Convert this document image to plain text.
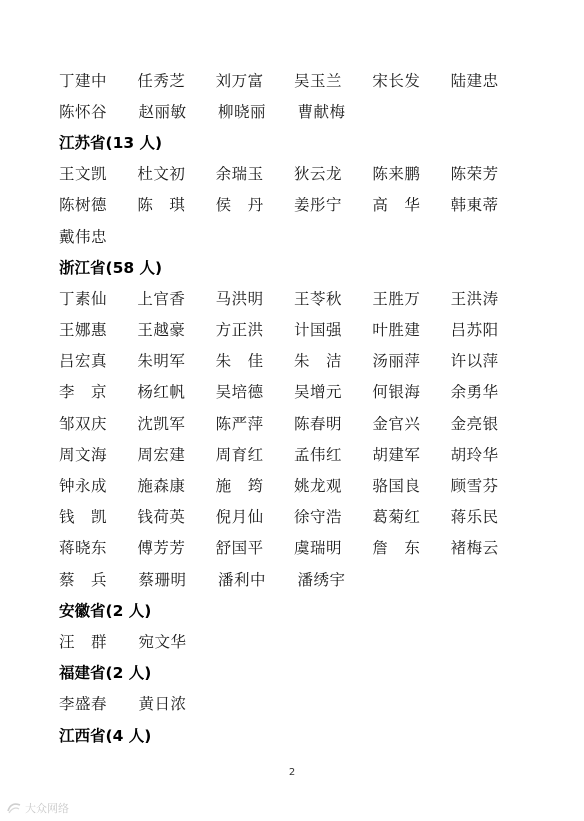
丁建中	任秀芝	刘万富	吴玉兰	宋长发	陆建忠
陈怀谷	赵丽敏	柳晓丽	曹献梅
江苏省(13 人)
王文凯	杜文初	余瑞玉	狄云龙	陈来鹏	陈荣芳
陈树德	陈　琪	侯　丹	姜彤宁	高　华	韩東蒂
戴伟忠
浙江省(58 人)
丁素仙	上官香	马洪明	王苓秋	王胜万	王洪涛
王娜惠	王越豪	方正洪	计国强	叶胜建	吕苏阳
吕宏真	朱明军	朱　佳	朱　洁	汤丽萍	许以萍
李　京	杨红帆	吴培德	吴增元	何银海	余勇华
邹双庆	沈凯军	陈严萍	陈春明	金官兴	金亮银
周文海	周宏建	周育红	孟伟红	胡建军	胡玲华
钟永成	施森康	施　筠	姚龙观	骆国良	顾雪芬
钱　凯	钱荷英	倪月仙	徐守浩	葛菊红	蒋乐民
蒋晓东	傅芳芳	舒国平	虞瑞明	詹　东	褚梅云
蔡　兵	蔡珊明	潘利中	潘绣宇
安徽省(2 人)
汪　群	宛文华
福建省(2 人)
李盛春	黄日浓
江西省(4 人)
2
大众网络
